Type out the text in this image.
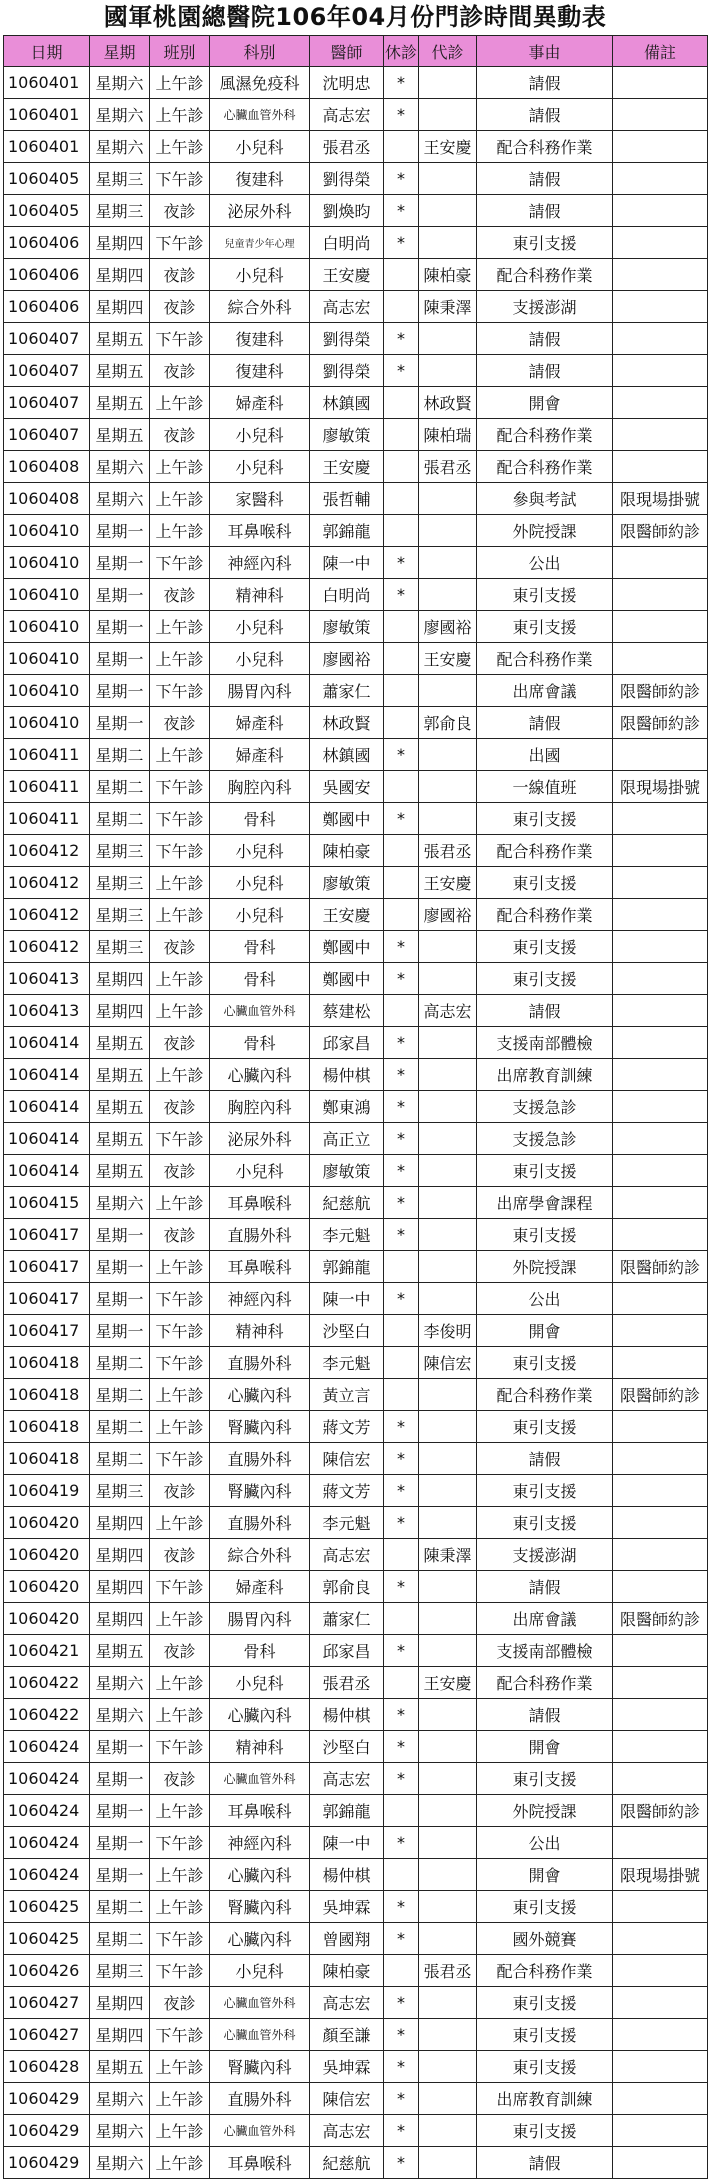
國軍桃園總醫院106年04月份門診時間異動表
日期	星期	班別	科別	醫師	休診	代診	事由	備註
1060401	星期六	上午診	風濕免疫科	沈明忠	*		請假	
1060401	星期六	上午診	心臟血管外科	高志宏	*		請假	
1060401	星期六	上午診	小兒科	張君丞		王安慶	配合科務作業	
1060405	星期三	下午診	復建科	劉得榮	*		請假	
1060405	星期三	夜診	泌尿外科	劉煥昀	*		請假	
1060406	星期四	下午診	兒童青少年心理	白明尚	*		東引支援	
1060406	星期四	夜診	小兒科	王安慶		陳柏豪	配合科務作業	
1060406	星期四	夜診	綜合外科	高志宏		陳秉澤	支援澎湖	
1060407	星期五	下午診	復建科	劉得榮	*		請假	
1060407	星期五	夜診	復建科	劉得榮	*		請假	
1060407	星期五	上午診	婦產科	林鎮國		林政賢	開會	
1060407	星期五	夜診	小兒科	廖敏策		陳柏瑞	配合科務作業	
1060408	星期六	上午診	小兒科	王安慶		張君丞	配合科務作業	
1060408	星期六	上午診	家醫科	張哲輔			參與考試	限現場掛號
1060410	星期一	上午診	耳鼻喉科	郭錦龍			外院授課	限醫師約診
1060410	星期一	下午診	神經內科	陳一中	*		公出	
1060410	星期一	夜診	精神科	白明尚	*		東引支援	
1060410	星期一	上午診	小兒科	廖敏策		廖國裕	東引支援	
1060410	星期一	上午診	小兒科	廖國裕		王安慶	配合科務作業	
1060410	星期一	下午診	腸胃內科	蕭家仁			出席會議	限醫師約診
1060410	星期一	夜診	婦產科	林政賢		郭俞良	請假	限醫師約診
1060411	星期二	上午診	婦產科	林鎮國	*		出國	
1060411	星期二	下午診	胸腔內科	吳國安			一線值班	限現場掛號
1060411	星期二	下午診	骨科	鄭國中	*		東引支援	
1060412	星期三	下午診	小兒科	陳柏豪		張君丞	配合科務作業	
1060412	星期三	上午診	小兒科	廖敏策		王安慶	東引支援	
1060412	星期三	上午診	小兒科	王安慶		廖國裕	配合科務作業	
1060412	星期三	夜診	骨科	鄭國中	*		東引支援	
1060413	星期四	上午診	骨科	鄭國中	*		東引支援	
1060413	星期四	上午診	心臟血管外科	蔡建松		高志宏	請假	
1060414	星期五	夜診	骨科	邱家昌	*		支援南部體檢	
1060414	星期五	上午診	心臟內科	楊仲棋	*		出席教育訓練	
1060414	星期五	夜診	胸腔內科	鄭東鴻	*		支援急診	
1060414	星期五	下午診	泌尿外科	高正立	*		支援急診	
1060414	星期五	夜診	小兒科	廖敏策	*		東引支援	
1060415	星期六	上午診	耳鼻喉科	紀慈航	*		出席學會課程	
1060417	星期一	夜診	直腸外科	李元魁	*		東引支援	
1060417	星期一	上午診	耳鼻喉科	郭錦龍			外院授課	限醫師約診
1060417	星期一	下午診	神經內科	陳一中	*		公出	
1060417	星期一	下午診	精神科	沙堅白		李俊明	開會	
1060418	星期二	下午診	直腸外科	李元魁		陳信宏	東引支援	
1060418	星期二	上午診	心臟內科	黃立言			配合科務作業	限醫師約診
1060418	星期二	上午診	腎臟內科	蔣文芳	*		東引支援	
1060418	星期二	下午診	直腸外科	陳信宏	*		請假	
1060419	星期三	夜診	腎臟內科	蔣文芳	*		東引支援	
1060420	星期四	上午診	直腸外科	李元魁	*		東引支援	
1060420	星期四	夜診	綜合外科	高志宏		陳秉澤	支援澎湖	
1060420	星期四	下午診	婦產科	郭俞良	*		請假	
1060420	星期四	上午診	腸胃內科	蕭家仁			出席會議	限醫師約診
1060421	星期五	夜診	骨科	邱家昌	*		支援南部體檢	
1060422	星期六	上午診	小兒科	張君丞		王安慶	配合科務作業	
1060422	星期六	上午診	心臟內科	楊仲棋	*		請假	
1060424	星期一	下午診	精神科	沙堅白	*		開會	
1060424	星期一	夜診	心臟血管外科	高志宏	*		東引支援	
1060424	星期一	上午診	耳鼻喉科	郭錦龍			外院授課	限醫師約診
1060424	星期一	下午診	神經內科	陳一中	*		公出	
1060424	星期一	上午診	心臟內科	楊仲棋			開會	限現場掛號
1060425	星期二	上午診	腎臟內科	吳坤霖	*		東引支援	
1060425	星期二	下午診	心臟內科	曾國翔	*		國外競賽	
1060426	星期三	下午診	小兒科	陳柏豪		張君丞	配合科務作業	
1060427	星期四	夜診	心臟血管外科	高志宏	*		東引支援	
1060427	星期四	下午診	心臟血管外科	顏至謙	*		東引支援	
1060428	星期五	上午診	腎臟內科	吳坤霖	*		東引支援	
1060429	星期六	上午診	直腸外科	陳信宏	*		出席教育訓練	
1060429	星期六	上午診	心臟血管外科	高志宏	*		東引支援	
1060429	星期六	上午診	耳鼻喉科	紀慈航	*		請假	
